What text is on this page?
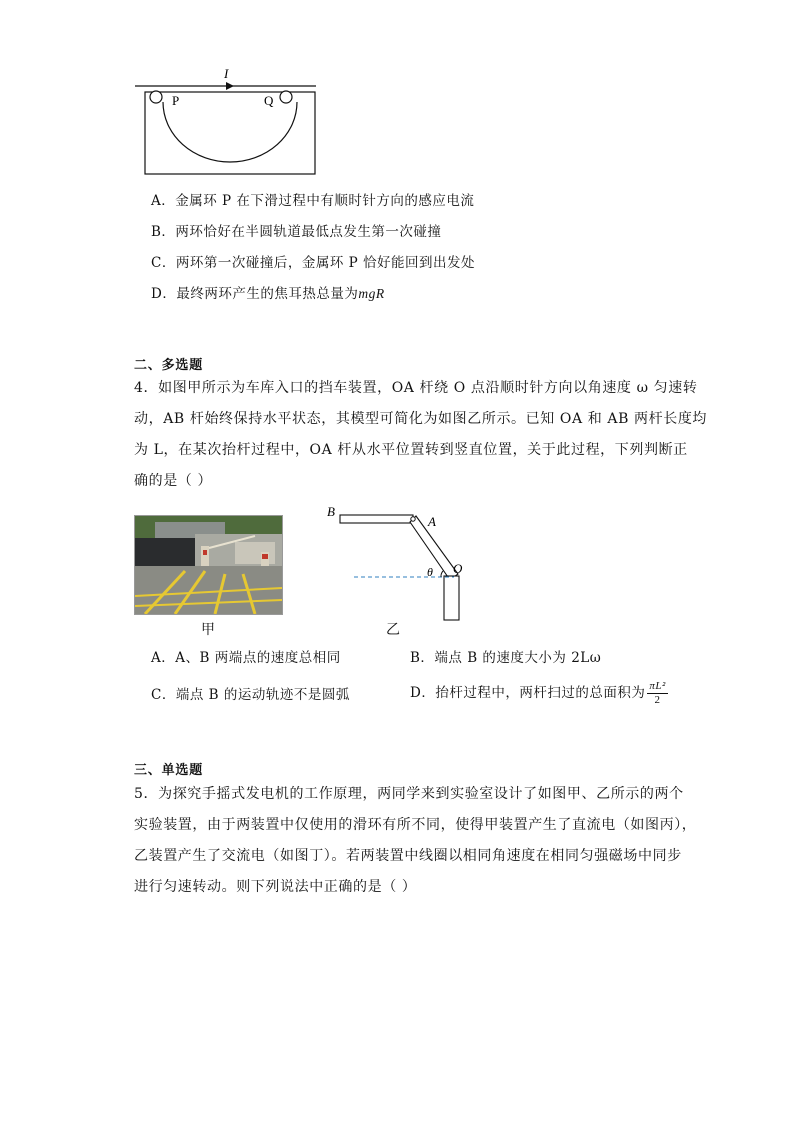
I
P	Q
A．金属环 P 在下滑过程中有顺时针方向的感应电流
B．两环恰好在半圆轨道最低点发生第一次碰撞
C．两环第一次碰撞后，金属环 P 恰好能回到出发处
D．最终两环产生的焦耳热总量为mgR
二、多选题
4．如图甲所示为车库入口的挡车装置，OA 杆绕 O 点沿顺时针方向以角速度 ω 匀速转
动，AB 杆始终保持水平状态，其模型可简化为如图乙所示。已知 OA 和 AB 两杆长度均
为 L，在某次抬杆过程中，OA 杆从水平位置转到竖直位置，关于此过程，下列判断正
确的是（ ）
甲
B
A
O
θ
乙
A．A、B 两端点的速度总相同	B．端点 B 的速度大小为 2Lω
C．端点 B 的运动轨迹不是圆弧	D．抬杆过程中，两杆扫过的总面积为 $\frac{\text{πL²}}{2}$
三、单选题
5．为探究手摇式发电机的工作原理，两同学来到实验室设计了如图甲、乙所示的两个
实验装置，由于两装置中仅使用的滑环有所不同，使得甲装置产生了直流电（如图丙），
乙装置产生了交流电（如图丁）。若两装置中线圈以相同角速度在相同匀强磁场中同步
进行匀速转动。则下列说法中正确的是（ ）
